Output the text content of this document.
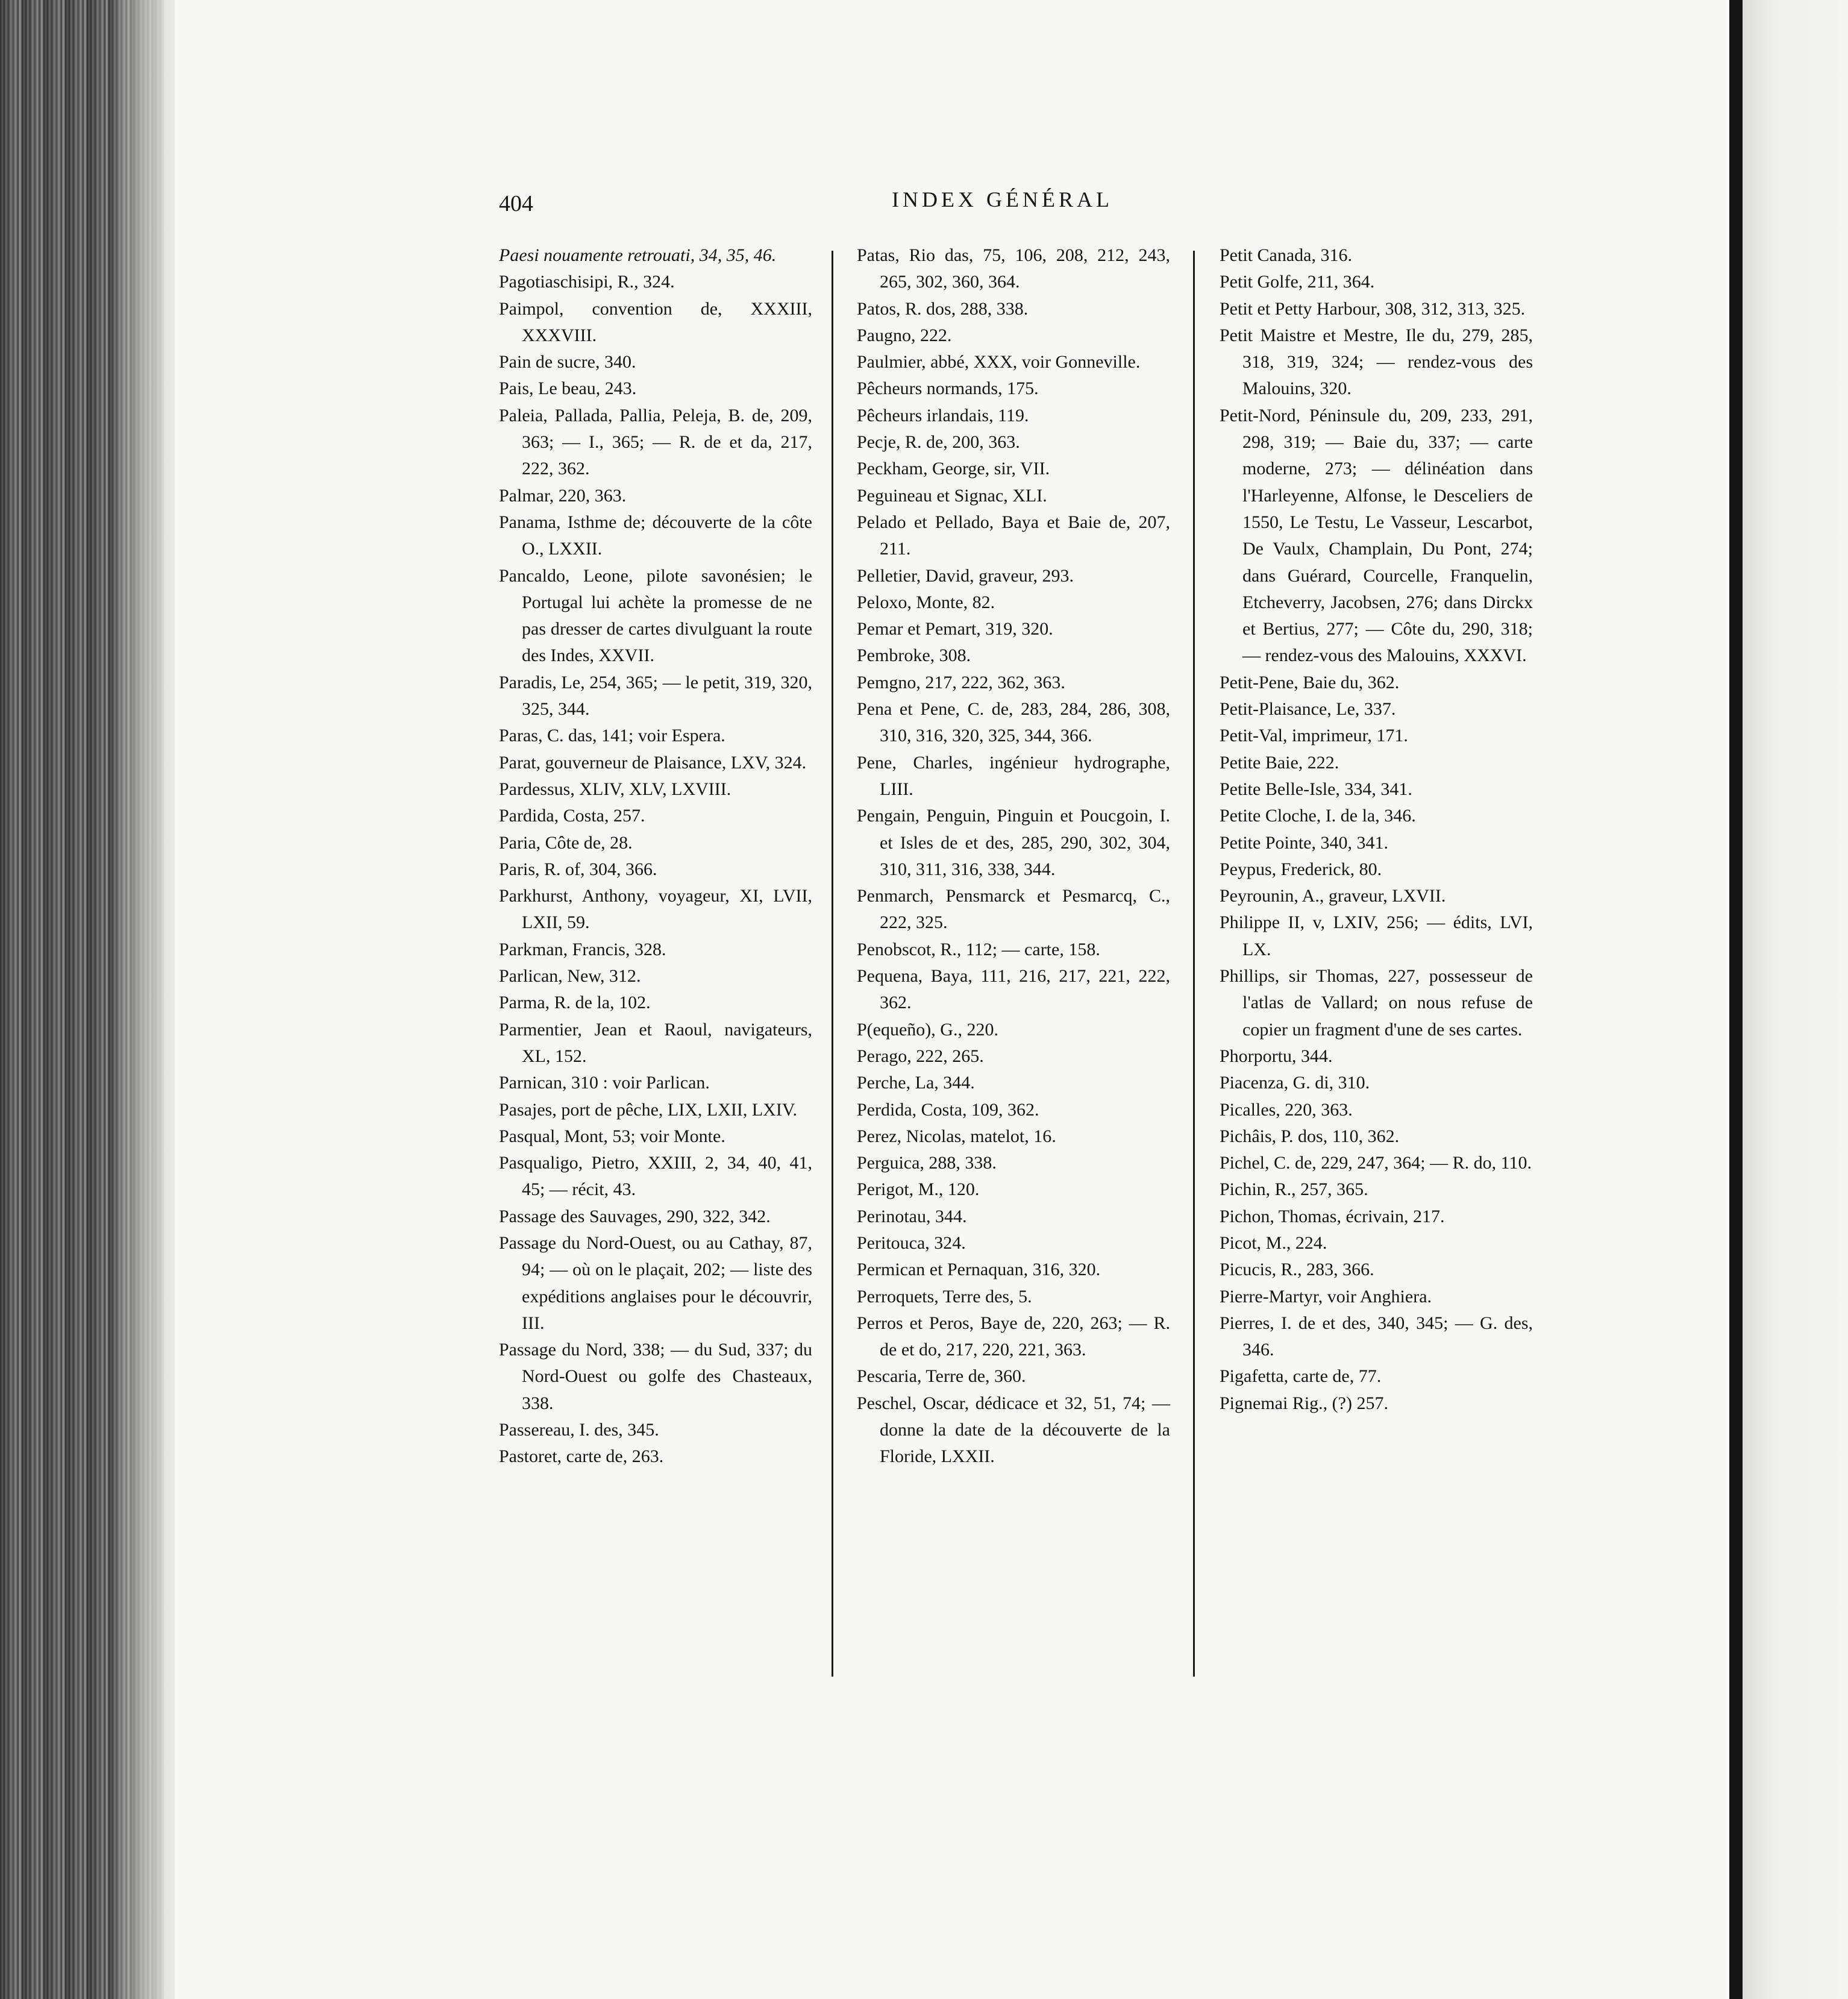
404	INDEX GÉNÉRAL

Paesi nouamente retrouati, 34, 35, 46.

Pagotiaschisipi, R., 324.

Paimpol, convention de, XXXIII, XXXVIII.

Pain de sucre, 340.

Pais, Le beau, 243.

Paleia, Pallada, Pallia, Peleja, B. de, 209, 363; — I., 365; — R. de et da, 217, 222, 362.

Palmar, 220, 363.

Panama, Isthme de; découverte de la côte O., LXXII.

Pancaldo, Leone, pilote savonésien; le Portugal lui achète la promesse de ne pas dresser de cartes divulguant la route des Indes, XXVII.

Paradis, Le, 254, 365; — le petit, 319, 320, 325, 344.

Paras, C. das, 141; voir Espera.

Parat, gouverneur de Plaisance, LXV, 324.

Pardessus, XLIV, XLV, LXVIII.

Pardida, Costa, 257.

Paria, Côte de, 28.

Paris, R. of, 304, 366.

Parkhurst, Anthony, voyageur, XI, LVII, LXII, 59.

Parkman, Francis, 328.

Parlican, New, 312.

Parma, R. de la, 102.

Parmentier, Jean et Raoul, navigateurs, XL, 152.

Parnican, 310 : voir Parlican.

Pasajes, port de pêche, LIX, LXII, LXIV.

Pasqual, Mont, 53; voir Monte.

Pasqualigo, Pietro, XXIII, 2, 34, 40, 41, 45; — récit, 43.

Passage des Sauvages, 290, 322, 342.

Passage du Nord-Ouest, ou au Cathay, 87, 94; — où on le plaçait, 202; — liste des expéditions anglaises pour le découvrir, III.

Passage du Nord, 338; — du Sud, 337; du Nord-Ouest ou golfe des Chasteaux, 338.

Passereau, I. des, 345.

Pastoret, carte de, 263.

Patas, Rio das, 75, 106, 208, 212, 243, 265, 302, 360, 364.

Patos, R. dos, 288, 338.

Paugno, 222.

Paulmier, abbé, XXX, voir Gonneville.

Pêcheurs normands, 175.

Pêcheurs irlandais, 119.

Pecje, R. de, 200, 363.

Peckham, George, sir, VII.

Peguineau et Signac, XLI.

Pelado et Pellado, Baya et Baie de, 207, 211.

Pelletier, David, graveur, 293.

Peloxo, Monte, 82.

Pemar et Pemart, 319, 320.

Pembroke, 308.

Pemgno, 217, 222, 362, 363.

Pena et Pene, C. de, 283, 284, 286, 308, 310, 316, 320, 325, 344, 366.

Pene, Charles, ingénieur hydrographe, LIII.

Pengain, Penguin, Pinguin et Poucgoin, I. et Isles de et des, 285, 290, 302, 304, 310, 311, 316, 338, 344.

Penmarch, Pensmarck et Pesmarcq, C., 222, 325.

Penobscot, R., 112; — carte, 158.

Pequena, Baya, 111, 216, 217, 221, 222, 362.

P(equeño), G., 220.

Perago, 222, 265.

Perche, La, 344.

Perdida, Costa, 109, 362.

Perez, Nicolas, matelot, 16.

Perguica, 288, 338.

Perigot, M., 120.

Perinotau, 344.

Peritouca, 324.

Permican et Pernaquan, 316, 320.

Perroquets, Terre des, 5.

Perros et Peros, Baye de, 220, 263; — R. de et do, 217, 220, 221, 363.

Pescaria, Terre de, 360.

Peschel, Oscar, dédicace et 32, 51, 74; — donne la date de la découverte de la Floride, LXXII.

Petit Canada, 316.

Petit Golfe, 211, 364.

Petit et Petty Harbour, 308, 312, 313, 325.

Petit Maistre et Mestre, Ile du, 279, 285, 318, 319, 324; — rendez-vous des Malouins, 320.

Petit-Nord, Péninsule du, 209, 233, 291, 298, 319; — Baie du, 337; — carte moderne, 273; — délinéation dans l'Harleyenne, Alfonse, le Desceliers de 1550, Le Testu, Le Vasseur, Lescarbot, De Vaulx, Champlain, Du Pont, 274; dans Guérard, Courcelle, Franquelin, Etcheverry, Jacobsen, 276; dans Dirckx et Bertius, 277; — Côte du, 290, 318; — rendez-vous des Malouins, XXXVI.

Petit-Pene, Baie du, 362.

Petit-Plaisance, Le, 337.

Petit-Val, imprimeur, 171.

Petite Baie, 222.

Petite Belle-Isle, 334, 341.

Petite Cloche, I. de la, 346.

Petite Pointe, 340, 341.

Peypus, Frederick, 80.

Peyrounin, A., graveur, LXVII.

Philippe II, v, LXIV, 256; — édits, LVI, LX.

Phillips, sir Thomas, 227, possesseur de l'atlas de Vallard; on nous refuse de copier un fragment d'une de ses cartes.

Phorportu, 344.

Piacenza, G. di, 310.

Picalles, 220, 363.

Pichâis, P. dos, 110, 362.

Pichel, C. de, 229, 247, 364; — R. do, 110.

Pichin, R., 257, 365.

Pichon, Thomas, écrivain, 217.

Picot, M., 224.

Picucis, R., 283, 366.

Pierre-Martyr, voir Anghiera.

Pierres, I. de et des, 340, 345; — G. des, 346.

Pigafetta, carte de, 77.

Pignemai Rig., (?) 257.
